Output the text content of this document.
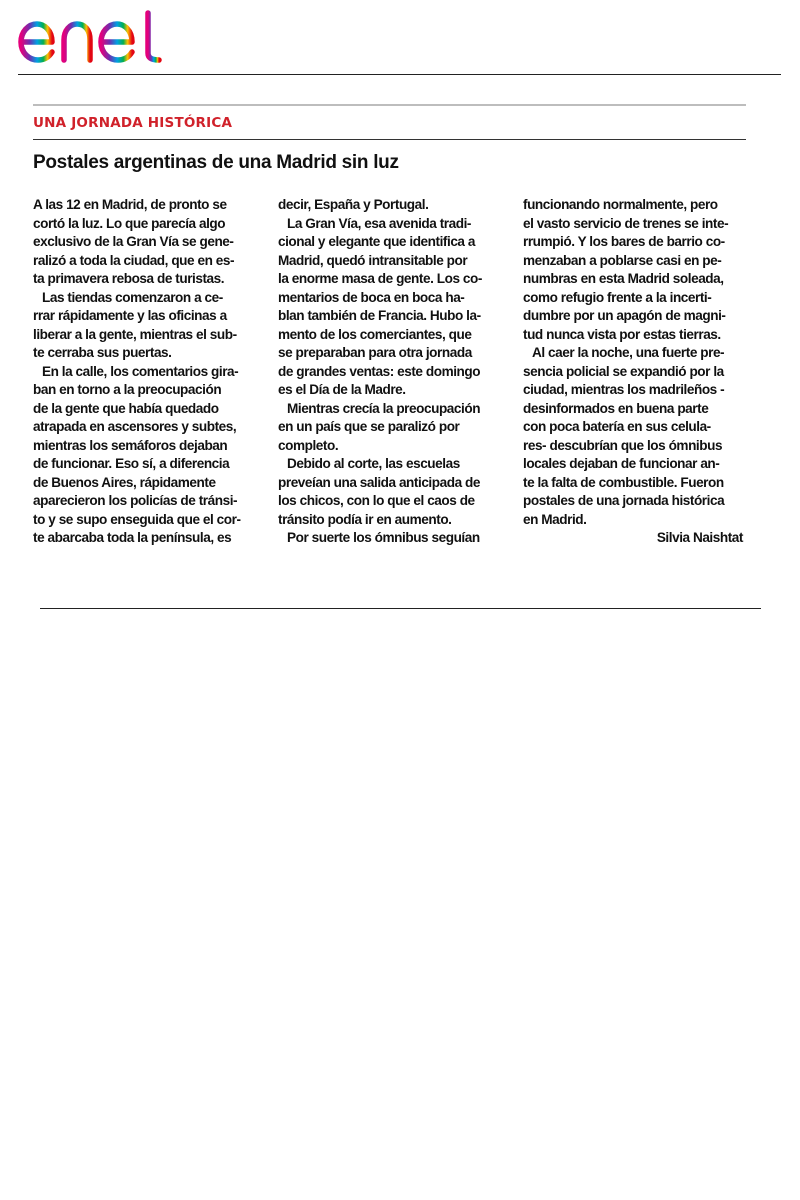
UNA JORNADA HISTÓRICA
Postales argentinas de una Madrid sin luz
A las 12 en Madrid, de pronto se
cortó la luz. Lo que parecía algo
exclusivo de la Gran Vía se gene-
ralizó a toda la ciudad, que en es-
ta primavera rebosa de turistas.
Las tiendas comenzaron a ce-
rrar rápidamente y las oficinas a
liberar a la gente, mientras el sub-
te cerraba sus puertas.
En la calle, los comentarios gira-
ban en torno a la preocupación
de la gente que había quedado
atrapada en ascensores y subtes,
mientras los semáforos dejaban
de funcionar. Eso sí, a diferencia
de Buenos Aires, rápidamente
aparecieron los policías de tránsi-
to y se supo enseguida que el cor-
te abarcaba toda la península, es
decir, España y Portugal.
La Gran Vía, esa avenida tradi-
cional y elegante que identifica a
Madrid, quedó intransitable por
la enorme masa de gente. Los co-
mentarios de boca en boca ha-
blan también de Francia. Hubo la-
mento de los comerciantes, que
se preparaban para otra jornada
de grandes ventas: este domingo
es el Día de la Madre.
Mientras crecía la preocupación
en un país que se paralizó por
completo.
Debido al corte, las escuelas
preveían una salida anticipada de
los chicos, con lo que el caos de
tránsito podía ir en aumento.
Por suerte los ómnibus seguían
funcionando normalmente, pero
el vasto servicio de trenes se inte-
rrumpió. Y los bares de barrio co-
menzaban a poblarse casi en pe-
numbras en esta Madrid soleada,
como refugio frente a la incerti-
dumbre por un apagón de magni-
tud nunca vista por estas tierras.
Al caer la noche, una fuerte pre-
sencia policial se expandió por la
ciudad, mientras los madrileños -
desinformados en buena parte
con poca batería en sus celula-
res- descubrían que los ómnibus
locales dejaban de funcionar an-
te la falta de combustible. Fueron
postales de una jornada histórica
en Madrid.
Silvia Naishtat
